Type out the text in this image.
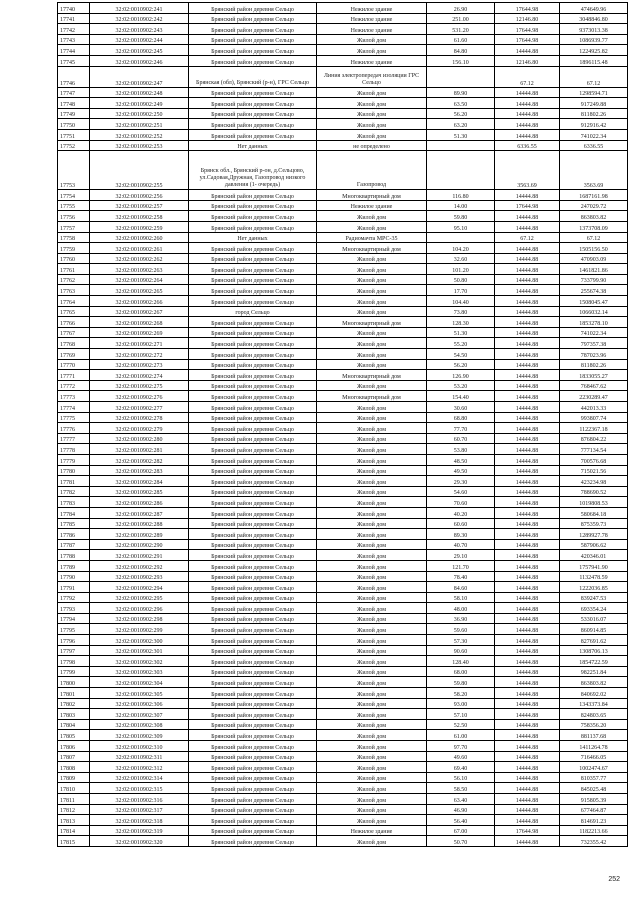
17740	32:02:0010902:241	Брянский район деревня Сельцо	Нежилое здание	26.90	17644.98	474649.96
17741	32:02:0010902:242	Брянский район деревня Сельцо	Нежилое здание	251.00	12146.80	3048846.80
17742	32:02:0010902:243	Брянский район деревня Сельцо	Нежилое здание	531.20	17644.98	9373013.38
17743	32:02:0010902:244	Брянский район деревня Сельцо	Жилой дом	61.60	17644.98	1086939.77
17744	32:02:0010902:245	Брянский район деревня Сельцо	Жилой дом	84.80	14444.88	1224925.82
17745	32:02:0010902:246	Брянский район деревня Сельцо	Нежилое здание	156.10	12146.80	1896115.48
17746	32:02:0010902:247	Брянская (обл), Брянский (р-н), ГРС Сельцо	Линия электропередач изоляции ГРС Сельцо		67.12	67.12
17747	32:02:0010902:248	Брянский район деревня Сельцо	Жилой дом	89.90	14444.88	1298594.71
17748	32:02:0010902:249	Брянский район деревня Сельцо	Жилой дом	63.50	14444.88	917249.88
17749	32:02:0010902:250	Брянский район деревня Сельцо	Жилой дом	56.20	14444.88	811802.26
17750	32:02:0010902:251	Брянский район деревня Сельцо	Жилой дом	63.20	14444.88	912916.42
17751	32:02:0010902:252	Брянский район деревня Сельцо	Жилой дом	51.30	14444.88	741022.34
17752	32:02:0010902:253	Нет данных	не определено		6336.55	6336.55
17753	32:02:0010902:255	Брянск обл., Брянский р-он, д.Сельцово, ул.Садовая,Дружная, Газопровод низкого давления (1- очередь)	Газопровод		3563.69	3563.69
17754	32:02:0010902:256	Брянский район деревня Сельцо	Многоквартирный дом	116.80	14444.88	1687161.98
17755	32:02:0010902:257	Брянский район деревня Сельцо	Нежилое здание	14.00	17644.98	247029.72
17756	32:02:0010902:258	Брянский район деревня Сельцо	Жилой дом	59.80	14444.88	863803.82
17757	32:02:0010902:259	Брянский район деревня Сельцо	Жилой дом	95.10	14444.88	1373708.09
17758	32:02:0010902:260	Нет данных	Радиомачта МРС-35		67.12	67.12
17759	32:02:0010902:261	Брянский район деревня Сельцо	Многоквартирный дом	104.20	14444.88	1505156.50
17760	32:02:0010902:262	Брянский район деревня Сельцо	Жилой дом	32.60	14444.88	470903.09
17761	32:02:0010902:263	Брянский район деревня Сельцо	Жилой дом	101.20	14444.88	1461821.86
17762	32:02:0010902:264	Брянский район деревня Сельцо	Жилой дом	50.80	14444.88	733799.90
17763	32:02:0010902:265	Брянский район деревня Сельцо	Жилой дом	17.70	14444.88	255674.38
17764	32:02:0010902:266	Брянский район деревня Сельцо	Жилой дом	104.40	14444.88	1508045.47
17765	32:02:0010902:267	город Сельцо	Жилой дом	73.80	14444.88	1066032.14
17766	32:02:0010902:268	Брянский район деревня Сельцо	Многоквартирный дом	128.30	14444.88	1853278.10
17767	32:02:0010902:269	Брянский район деревня Сельцо	Жилой дом	51.30	14444.88	741022.34
17768	32:02:0010902:271	Брянский район деревня Сельцо	Жилой дом	55.20	14444.88	797357.38
17769	32:02:0010902:272	Брянский район деревня Сельцо	Жилой дом	54.50	14444.88	787023.96
17770	32:02:0010902:273	Брянский район деревня Сельцо	Жилой дом	56.20	14444.88	811802.26
17771	32:02:0010902:274	Брянский район деревня Сельцо	Многоквартирный дом	126.90	14444.88	1833055.27
17772	32:02:0010902:275	Брянский район деревня Сельцо	Жилой дом	53.20	14444.88	768467.62
17773	32:02:0010902:276	Брянский район деревня Сельцо	Многоквартирный дом	154.40	14444.88	2230289.47
17774	32:02:0010902:277	Брянский район деревня Сельцо	Жилой дом	30.60	14444.88	442013.33
17775	32:02:0010902:278	Брянский район деревня Сельцо	Жилой дом	68.80	14444.88	993807.74
17776	32:02:0010902:279	Брянский район деревня Сельцо	Жилой дом	77.70	14444.88	1122367.18
17777	32:02:0010902:280	Брянский район деревня Сельцо	Жилой дом	60.70	14444.88	876804.22
17778	32:02:0010902:281	Брянский район деревня Сельцо	Жилой дом	53.80	14444.88	777134.54
17779	32:02:0010902:282	Брянский район деревня Сельцо	Жилой дом	48.50	14444.88	700576.68
17780	32:02:0010902:283	Брянский район деревня Сельцо	Жилой дом	49.50	14444.88	715021.56
17781	32:02:0010902:284	Брянский район деревня Сельцо	Жилой дом	29.30	14444.88	423234.98
17782	32:02:0010902:285	Брянский район деревня Сельцо	Жилой дом	54.60	14444.88	788690.52
17783	32:02:0010902:286	Брянский район деревня Сельцо	Жилой дом	70.60	14444.88	1019808.53
17784	32:02:0010902:287	Брянский район деревня Сельцо	Жилой дом	40.20	14444.88	580684.18
17785	32:02:0010902:288	Брянский район деревня Сельцо	Жилой дом	60.60	14444.88	875359.73
17786	32:02:0010902:289	Брянский район деревня Сельцо	Жилой дом	89.30	14444.88	1289927.78
17787	32:02:0010902:290	Брянский район деревня Сельцо	Жилой дом	40.70	14444.88	587906.62
17788	32:02:0010902:291	Брянский район деревня Сельцо	Жилой дом	29.10	14444.88	420346.01
17789	32:02:0010902:292	Брянский район деревня Сельцо	Жилой дом	121.70	14444.88	1757941.90
17790	32:02:0010902:293	Брянский район деревня Сельцо	Жилой дом	78.40	14444.88	1132478.59
17791	32:02:0010902:294	Брянский район деревня Сельцо	Жилой дом	84.60	14444.88	1222036.85
17792	32:02:0010902:295	Брянский район деревня Сельцо	Жилой дом	58.10	14444.88	839247.53
17793	32:02:0010902:296	Брянский район деревня Сельцо	Жилой дом	48.00	14444.88	693354.24
17794	32:02:0010902:298	Брянский район деревня Сельцо	Жилой дом	36.90	14444.88	533016.07
17795	32:02:0010902:299	Брянский район деревня Сельцо	Жилой дом	59.60	14444.88	860914.85
17796	32:02:0010902:300	Брянский район деревня Сельцо	Жилой дом	57.30	14444.88	827691.62
17797	32:02:0010902:301	Брянский район деревня Сельцо	Жилой дом	90.60	14444.88	1308706.13
17798	32:02:0010902:302	Брянский район деревня Сельцо	Жилой дом	128.40	14444.88	1854722.59
17799	32:02:0010902:303	Брянский район деревня Сельцо	Жилой дом	68.00	14444.88	982251.84
17800	32:02:0010902:304	Брянский район деревня Сельцо	Жилой дом	59.80	14444.88	863803.82
17801	32:02:0010902:305	Брянский район деревня Сельцо	Жилой дом	58.20	14444.88	840692.02
17802	32:02:0010902:306	Брянский район деревня Сельцо	Жилой дом	93.00	14444.88	1343373.84
17803	32:02:0010902:307	Брянский район деревня Сельцо	Жилой дом	57.10	14444.88	824803.65
17804	32:02:0010902:308	Брянский район деревня Сельцо	Жилой дом	52.50	14444.88	758356.20
17805	32:02:0010902:309	Брянский район деревня Сельцо	Жилой дом	61.00	14444.88	881137.68
17806	32:02:0010902:310	Брянский район деревня Сельцо	Жилой дом	97.70	14444.88	1411264.78
17807	32:02:0010902:311	Брянский район деревня Сельцо	Жилой дом	49.60	14444.88	716466.05
17808	32:02:0010902:312	Брянский район деревня Сельцо	Жилой дом	69.40	14444.88	1002474.67
17809	32:02:0010902:314	Брянский район деревня Сельцо	Жилой дом	56.10	14444.88	810357.77
17810	32:02:0010902:315	Брянский район деревня Сельцо	Жилой дом	58.50	14444.88	845025.48
17811	32:02:0010902:316	Брянский район деревня Сельцо	Жилой дом	63.40	14444.88	915805.39
17812	32:02:0010902:317	Брянский район деревня Сельцо	Жилой дом	46.90	14444.88	677464.87
17813	32:02:0010902:318	Брянский район деревня Сельцо	Жилой дом	56.40	14444.88	814691.23
17814	32:02:0010902:319	Брянский район деревня Сельцо	Нежилое здание	67.00	17644.98	1182213.66
17815	32:02:0010902:320	Брянский район деревня Сельцо	Жилой дом	50.70	14444.88	732355.42
252
